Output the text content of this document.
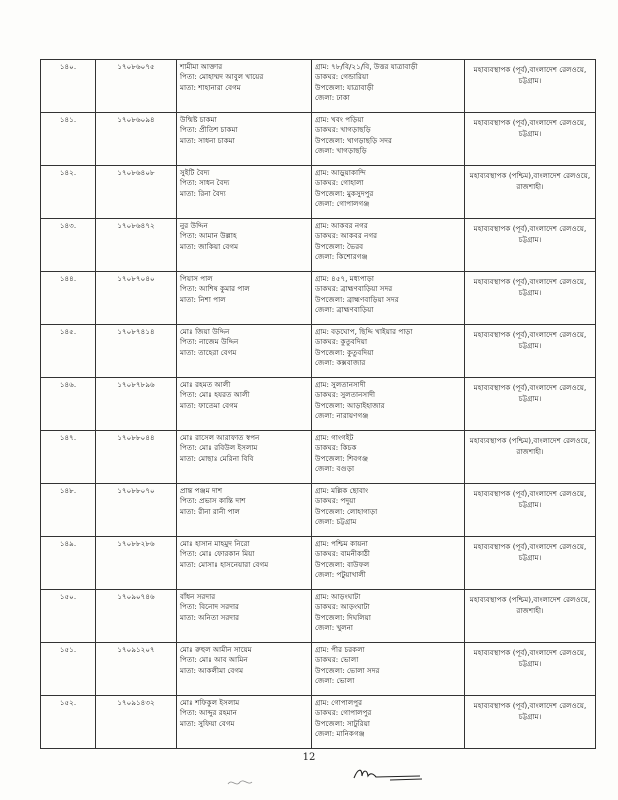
১৪০.	১৭০৮৬০৭৫	শামীমা আক্তার
পিতা: মোহাম্মদ আবুল খায়ের
মাতা: শাহানারা বেগম	গ্রাম: ৭৮/বি/২১/বি, উত্তর যাত্রাবাড়ী
ডাকঘর: গেন্ডারিয়া
উপজেলা: যাত্রাবাড়ী
জেলা: ঢাকা	মহাব্যবস্থাপক (পূর্ব),বাংলাদেশ রেলওয়ে, চট্টগ্রাম।

১৪১.	১৭০৮৬০৯৪	উন্মিষ্ট চাকমা
পিতা: প্রীতিশ চাকমা
মাতা: সাধনা চাকমা	গ্রাম: খবং পড়িয়া
ডাকঘর: খাগড়াছড়ি
উপজেলা: খাগড়াছড়ি সদর
জেলা: খাগড়াছড়ি	মহাব্যবস্থাপক (পূর্ব),বাংলাদেশ রেলওয়ে, চট্টগ্রাম।

১৪২.	১৭০৮৬৪০৮	সুইটি বৈদ্য
পিতা: সাধন বৈদ্য
মাতা: রিনা বৈদ্য	গ্রাম: আড়ুয়াকান্দি
ডাকঘর: গোহালা
উপজেলা: মুকসুদপুর
জেলা: গোপালগঞ্জ	মহাব্যবস্থাপক (পশ্চিম),বাংলাদেশ রেলওয়ে, রাজশাহী।

১৪৩.	১৭০৮৬৪৭২	নুর উদ্দিন
পিতা: আমান উল্লাহ
মাতা: জাকিয়া বেগম	গ্রাম: আকবর নগর
ডাকঘর: আকবর নগর
উপজেলা: ভৈরব
জেলা: কিশোরগঞ্জ	মহাব্যবস্থাপক (পূর্ব),বাংলাদেশ রেলওয়ে, চট্টগ্রাম।

১৪৪.	১৭০৮৭০৪০	পিয়াস পাল
পিতা: আশিষ কুমার পাল
মাতা: নিশা পাল	গ্রাম: ৪৫৭, মধ্যপাড়া
ডাকঘর: ব্রাহ্মণবাড়িয়া সদর
উপজেলা: ব্রাহ্মণবাড়িয়া সদর
জেলা: ব্রাহ্মণবাড়িয়া	মহাব্যবস্থাপক (পূর্ব),বাংলাদেশ রেলওয়ে, চট্টগ্রাম।

১৪৫.	১৭০৮৭৪১৪	মোঃ জিয়া উদ্দিন
পিতা: নাজেম উদ্দিন
মাতা: তাহেরা বেগম	গ্রাম: বড়ঘোপ, ছিদ্দি খাইয়ার পাড়া
ডাকঘর: কুতুবদিয়া
উপজেলা: কুতুবদিয়া
জেলা: কক্সবাজার	মহাব্যবস্থাপক (পূর্ব),বাংলাদেশ রেলওয়ে, চট্টগ্রাম।

১৪৬.	১৭০৮৭৮৯৬	মোঃ রহমত আলী
পিতা: মোঃ হযরত আলী
মাতা: ফাতেমা বেগম	গ্রাম: সুলতানসাদী
ডাকঘর: সুলতানসাদী
উপজেলা: আড়াইহাজার
জেলা: নারায়ণগঞ্জ	মহাব্যবস্থাপক (পূর্ব),বাংলাদেশ রেলওয়ে, চট্টগ্রাম।

১৪৭.	১৭০৮৮০৪৪	মোঃ রাসেল আরাফাত স্বপন
পিতা: মোঃ রবিউল ইসলাম
মাতা: মোছাঃ মেরিনা বিবি	গ্রাম: গাংগইট
ডাকঘর: কিচক
উপজেলা: শিবগঞ্জ
জেলা: বগুড়া	মহাব্যবস্থাপক (পশ্চিম),বাংলাদেশ রেলওয়ে, রাজশাহী।

১৪৮.	১৭০৮৮০৭০	প্রান্ত পঞ্জম দাশ
পিতা: প্রভাস কান্তি দাশ
মাতা: রীনা রানী পাল	গ্রাম: মল্লিক ছোবাং
ডাকঘর: পদুয়া
উপজেলা: লোহাগাড়া
জেলা: চট্টগ্রাম	মহাব্যবস্থাপক (পূর্ব),বাংলাদেশ রেলওয়ে, চট্টগ্রাম।

১৪৯.	১৭০৮৮২৮৬	মোঃ হাসান মাহমুদ নিরো
পিতা: মোঃ ফোরকান মিয়া
মাতা: মোসাঃ হাসনেয়ারা বেগম	গ্রাম: পশ্চিম কায়না
ডাকঘর: বামনীকাঠী
উপজেলা: বাউফল
জেলা: পটুয়াখালী	মহাব্যবস্থাপক (পূর্ব),বাংলাদেশ রেলওয়ে, চট্টগ্রাম।

১৫০.	১৭০৯০৭৪৬	বাঁধন সরদার
পিতা: বিনোদ সরদার
মাতা: অনিতা সরদার	গ্রাম: আড়ংঘাটা
ডাকঘর: আড়ংঘাটা
উপজেলা: দিঘলিয়া
জেলা: খুলনা	মহাব্যবস্থাপক (পশ্চিম),বাংলাদেশ রেলওয়ে, রাজশাহী।

১৫১.	১৭০৯১২০৭	মোঃ রুহুল আমীন সায়েম
পিতা: মোঃ আব আমিন
মাতা: আকলীমা বেগম	গ্রাম: পীর চরকলা
ডাকঘর: ভোলা
উপজেলা: ভোলা সদর
জেলা: ভোলা	মহাব্যবস্থাপক (পূর্ব),বাংলাদেশ রেলওয়ে, চট্টগ্রাম।

১৫২.	১৭০৯১৪৩২	মোঃ শফিকুল ইসলাম
পিতা: আব্দুর রহমান
মাতা: সুফিয়া বেগম	গ্রাম: গোপালপুর
ডাকঘর: গোপালপুর
উপজেলা: সাটুরিয়া
জেলা: মানিকগঞ্জ	মহাব্যবস্থাপক (পূর্ব),বাংলাদেশ রেলওয়ে, চট্টগ্রাম।
12
